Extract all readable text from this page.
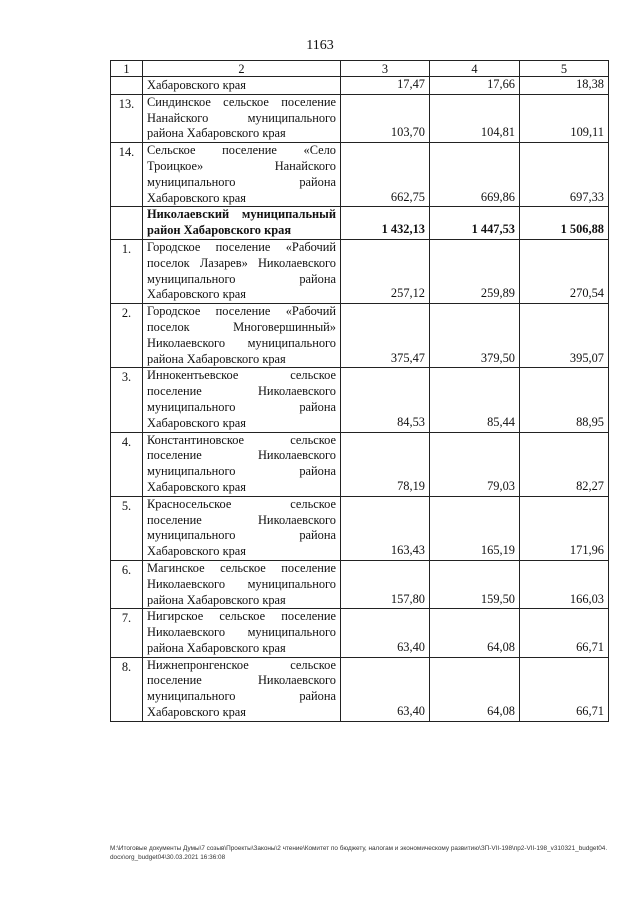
1163
1	2	3	4	5
	Хабаровского края	17,47	17,66	18,38
13.	Синдинское сельское поселение Нанайского муниципального района Хабаровского края	103,70	104,81	109,11
14.	Сельское поселение «Село Троицкое» Нанайского муниципального района Хабаровского края	662,75	669,86	697,33
	Николаевский муниципальный район Хабаровского края	1 432,13	1 447,53	1 506,88
1.	Городское поселение «Рабочий поселок Лазарев» Николаевского муниципального района Хабаровского края	257,12	259,89	270,54
2.	Городское поселение «Рабочий поселок Многовершинный» Николаевского муниципального района Хабаровского края	375,47	379,50	395,07
3.	Иннокентьевское сельское поселение Николаевского муниципального района Хабаровского края	84,53	85,44	88,95
4.	Константиновское сельское поселение Николаевского муниципального района Хабаровского края	78,19	79,03	82,27
5.	Красносельское сельское поселение Николаевского муниципального района Хабаровского края	163,43	165,19	171,96
6.	Магинское сельское поселение Николаевского муниципального района Хабаровского края	157,80	159,50	166,03
7.	Нигирское сельское поселение Николаевского муниципального района Хабаровского края	63,40	64,08	66,71
8.	Нижнепронгенское сельское поселение Николаевского муниципального района Хабаровского края	63,40	64,08	66,71
M:\Итоговые документы Думы\7 созыв\Проекты\Законы\2 чтение\Комитет по бюджету, налогам и экономическому развитию\ЗП-VII-198\пр2-VII-198_v310321_budget04.docx\org_budget04\30.03.2021 16:36:08
